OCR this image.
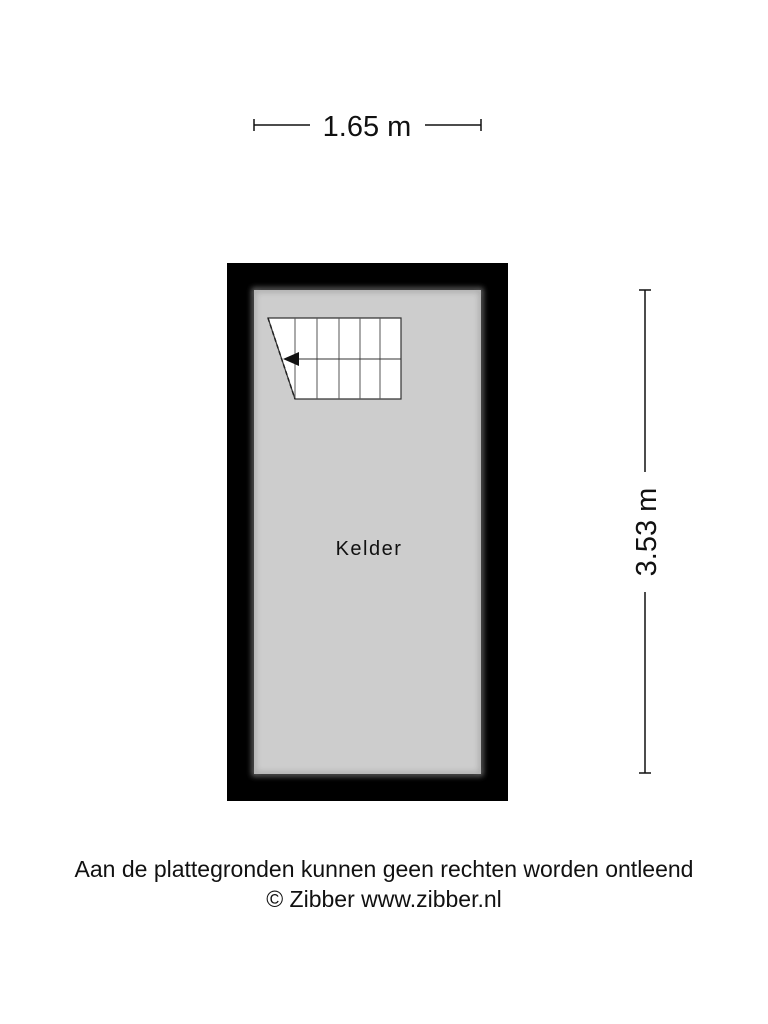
1.65 m
3.53 m
Kelder
Aan de plattegronden kunnen geen rechten worden ontleend
© Zibber www.zibber.nl
